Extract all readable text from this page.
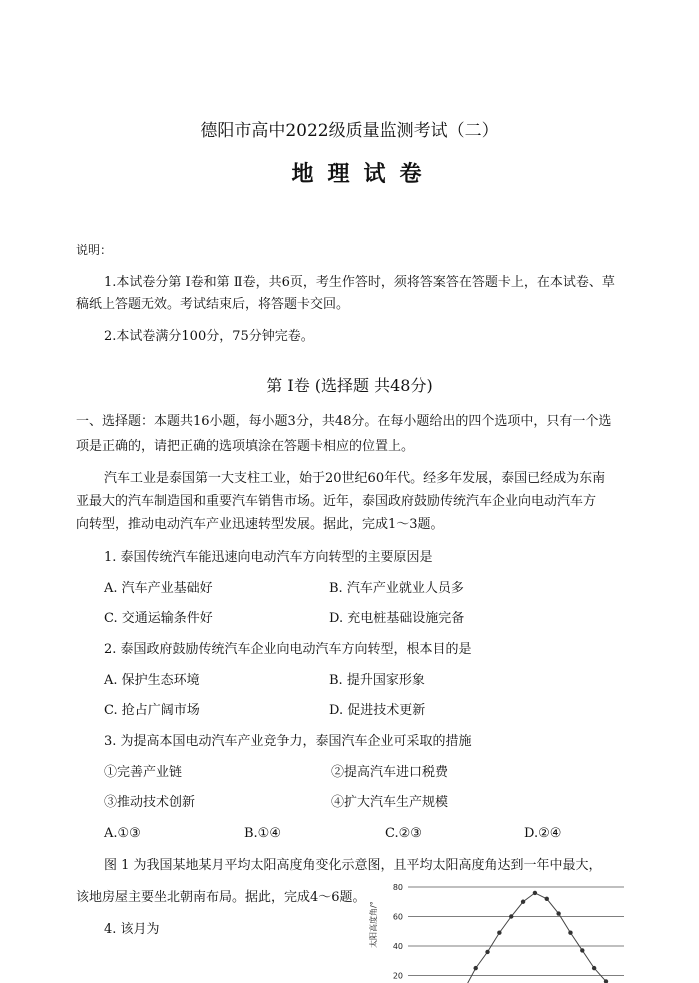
德阳市高中2022级质量监测考试（二）
地理试卷
说明：
1.本试卷分第 Ⅰ卷和第 Ⅱ卷，共6页，考生作答时，须将答案答在答题卡上，在本试卷、草
稿纸上答题无效。考试结束后，将答题卡交回。
2.本试卷满分100分，75分钟完卷。
第 Ⅰ卷 (选择题 共48分)
一、选择题：本题共16小题，每小题3分，共48分。在每小题给出的四个选项中，只有一个选
项是正确的，请把正确的选项填涂在答题卡相应的位置上。
汽车工业是泰国第一大支柱工业，始于20世纪60年代。经多年发展，泰国已经成为东南
亚最大的汽车制造国和重要汽车销售市场。近年，泰国政府鼓励传统汽车企业向电动汽车方
向转型，推动电动汽车产业迅速转型发展。据此，完成1～3题。
1. 泰国传统汽车能迅速向电动汽车方向转型的主要原因是
A. 汽车产业基础好	B. 汽车产业就业人员多
C. 交通运输条件好	D. 充电桩基础设施完备
2. 泰国政府鼓励传统汽车企业向电动汽车方向转型，根本目的是
A. 保护生态环境	B. 提升国家形象
C. 抢占广阔市场	D. 促进技术更新
3. 为提高本国电动汽车产业竞争力，泰国汽车企业可采取的措施
①完善产业链	②提高汽车进口税费
③推动技术创新	④扩大汽车生产规模
A.①③	B.①④	C.②③	D.②④
图 1 为我国某地某月平均太阳高度角变化示意图，且平均太阳高度角达到一年中最大，
该地房屋主要坐北朝南布局。据此，完成4～6题。
4. 该月为
80
60
40
20
太阳高度角/°
